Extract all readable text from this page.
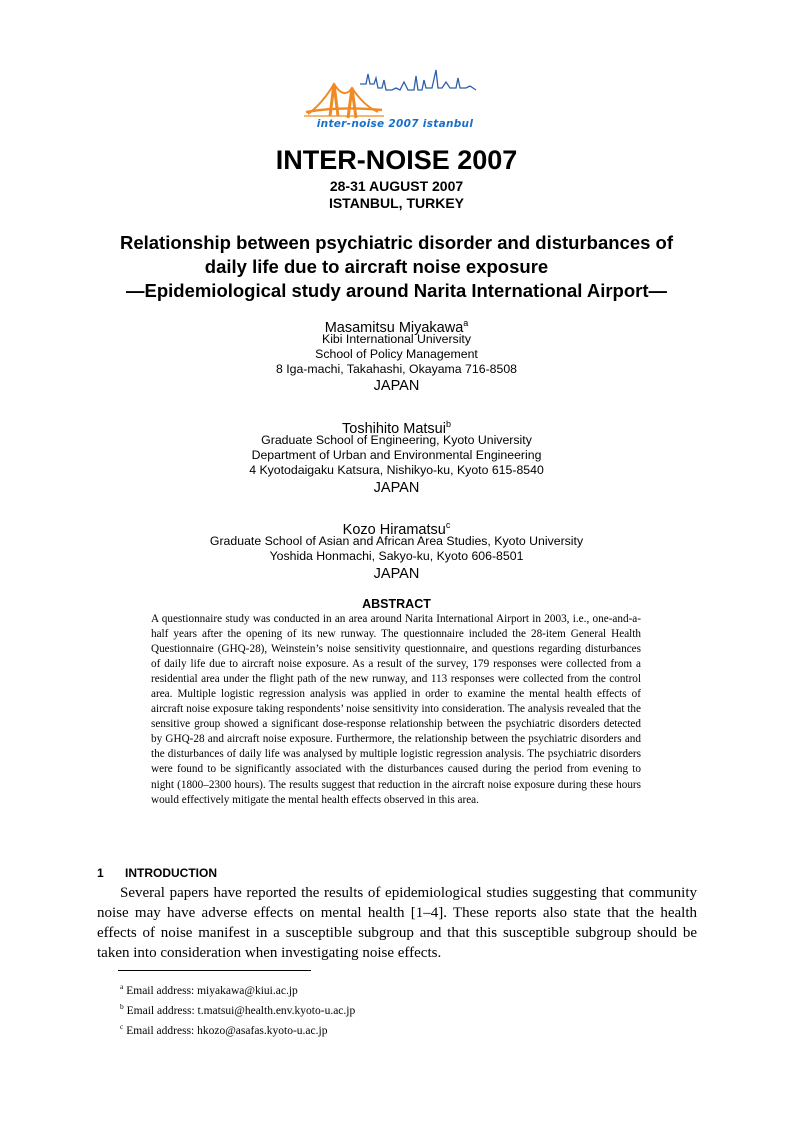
inter-noise 2007 istanbul
INTER-NOISE 2007
28-31 AUGUST 2007
ISTANBUL, TURKEY
Relationship between psychiatric disorder and disturbances of
daily life due to aircraft noise exposure
—Epidemiological study around Narita International Airport—
Masamitsu Miyakawa$^a$
Kibi International University
School of Policy Management
8 Iga-machi, Takahashi, Okayama 716-8508
JAPAN
Toshihito Matsui$^b$
Graduate School of Engineering, Kyoto University
Department of Urban and Environmental Engineering
4 Kyotodaigaku Katsura, Nishikyo-ku, Kyoto 615-8540
JAPAN
Kozo Hiramatsu$^c$
Graduate School of Asian and African Area Studies, Kyoto University
Yoshida Honmachi, Sakyo-ku, Kyoto 606-8501
JAPAN
ABSTRACT
A questionnaire study was conducted in an area around Narita International Airport in 2003, i.e., one-and-a-half years after the opening of its new runway. The questionnaire included the 28-item General Health Questionnaire (GHQ-28), Weinstein’s noise sensitivity questionnaire, and questions regarding disturbances of daily life due to aircraft noise exposure. As a result of the survey, 179 responses were collected from a residential area under the flight path of the new runway, and 113 responses were collected from the control area. Multiple logistic regression analysis was applied in order to examine the mental health effects of aircraft noise exposure taking respondents’ noise sensitivity into consideration. The analysis revealed that the sensitive group showed a significant dose-response relationship between the psychiatric disorders detected by GHQ-28 and aircraft noise exposure. Furthermore, the relationship between the psychiatric disorders and the disturbances of daily life was analysed by multiple logistic regression analysis. The psychiatric disorders were found to be significantly associated with the disturbances caused during the period from evening to night (1800–2300 hours). The results suggest that reduction in the aircraft noise exposure during these hours would effectively mitigate the mental health effects observed in this area.
1 INTRODUCTION
Several papers have reported the results of epidemiological studies suggesting that community noise may have adverse effects on mental health [1–4]. These reports also state that the health effects of noise manifest in a susceptible subgroup and that this susceptible subgroup should be taken into consideration when investigating noise effects.
$^a$ Email address: miyakawa@kiui.ac.jp
$^b$ Email address: t.matsui@health.env.kyoto-u.ac.jp
$^c$ Email address: hkozo@asafas.kyoto-u.ac.jp
